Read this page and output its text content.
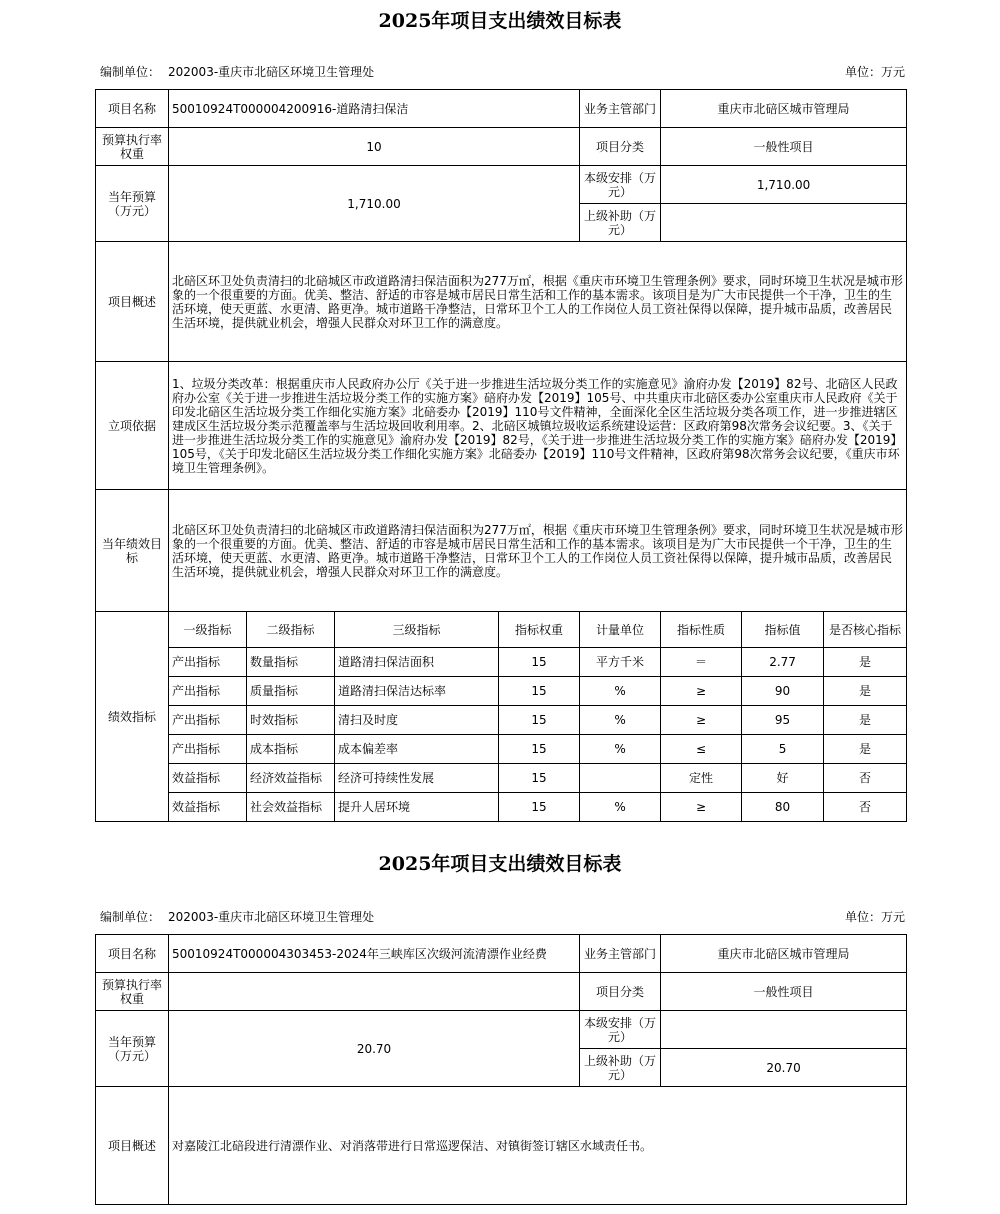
2025年项目支出绩效目标表
编制单位： 202003-重庆市北碚区环境卫生管理处	单位：万元
项目名称	50010924T000004200916-道路清扫保洁				业务主管部门	重庆市北碚区城市管理局		
预算执行率权重	10				项目分类	一般性项目		
当年预算（万元）	1,710.00				本级安排（万元）	1,710.00		
					上级补助（万元）			
项目概述	北碚区环卫处负责清扫的北碚城区市政道路清扫保洁面积为277万㎡，根据《重庆市环境卫生管理条例》要求，同时环境卫生状况是城市形象的一个很重要的方面。优美、整洁、舒适的市容是城市居民日常生活和工作的基本需求。该项目是为广大市民提供一个干净，卫生的生活环境，使天更蓝、水更清、路更净。城市道路干净整洁，日常环卫个工人的工作岗位人员工资社保得以保障，提升城市品质，改善居民生活环境，提供就业机会，增强人民群众对环卫工作的满意度。							
立项依据	1、垃圾分类改革：根据重庆市人民政府办公厅《关于进一步推进生活垃圾分类工作的实施意见》渝府办发【2019】82号、北碚区人民政府办公室《关于进一步推进生活垃圾分类工作的实施方案》碚府办发【2019】105号、中共重庆市北碚区委办公室重庆市人民政府《关于印发北碚区生活垃圾分类工作细化实施方案》北碚委办【2019】110号文件精神，全面深化全区生活垃圾分类各项工作，进一步推进辖区建成区生活垃圾分类示范覆盖率与生活垃圾回收利用率。2、北碚区城镇垃圾收运系统建设运营：区政府第98次常务会议纪要。3、《关于进一步推进生活垃圾分类工作的实施意见》渝府办发【2019】82号，《关于进一步推进生活垃圾分类工作的实施方案》碚府办发【2019】105号，《关于印发北碚区生活垃圾分类工作细化实施方案》北碚委办【2019】110号文件精神，区政府第98次常务会议纪要，《重庆市环境卫生管理条例》。							
当年绩效目标	北碚区环卫处负责清扫的北碚城区市政道路清扫保洁面积为277万㎡，根据《重庆市环境卫生管理条例》要求，同时环境卫生状况是城市形象的一个很重要的方面。优美、整洁、舒适的市容是城市居民日常生活和工作的基本需求。该项目是为广大市民提供一个干净，卫生的生活环境，使天更蓝、水更清、路更净。城市道路干净整洁，日常环卫个工人的工作岗位人员工资社保得以保障，提升城市品质，改善居民生活环境，提供就业机会，增强人民群众对环卫工作的满意度。							
绩效指标	一级指标	二级指标	三级指标	指标权重	计量单位	指标性质	指标值	是否核心指标
	产出指标	数量指标	道路清扫保洁面积	15	平方千米	＝	2.77	是
	产出指标	质量指标	道路清扫保洁达标率	15	%	≥	90	是
	产出指标	时效指标	清扫及时度	15	%	≥	95	是
	产出指标	成本指标	成本偏差率	15	%	≤	5	是
	效益指标	经济效益指标	经济可持续性发展	15		定性	好	否
	效益指标	社会效益指标	提升人居环境	15	%	≥	80	否
2025年项目支出绩效目标表
编制单位： 202003-重庆市北碚区环境卫生管理处	单位：万元
项目名称	50010924T000004303453-2024年三峡库区次级河流清漂作业经费	业务主管部门	重庆市北碚区城市管理局
预算执行率权重		项目分类	一般性项目
当年预算（万元）	20.70	本级安排（万元）	
		上级补助（万元）	20.70
项目概述	对嘉陵江北碚段进行清漂作业、对消落带进行日常巡逻保洁、对镇街签订辖区水域责任书。		
